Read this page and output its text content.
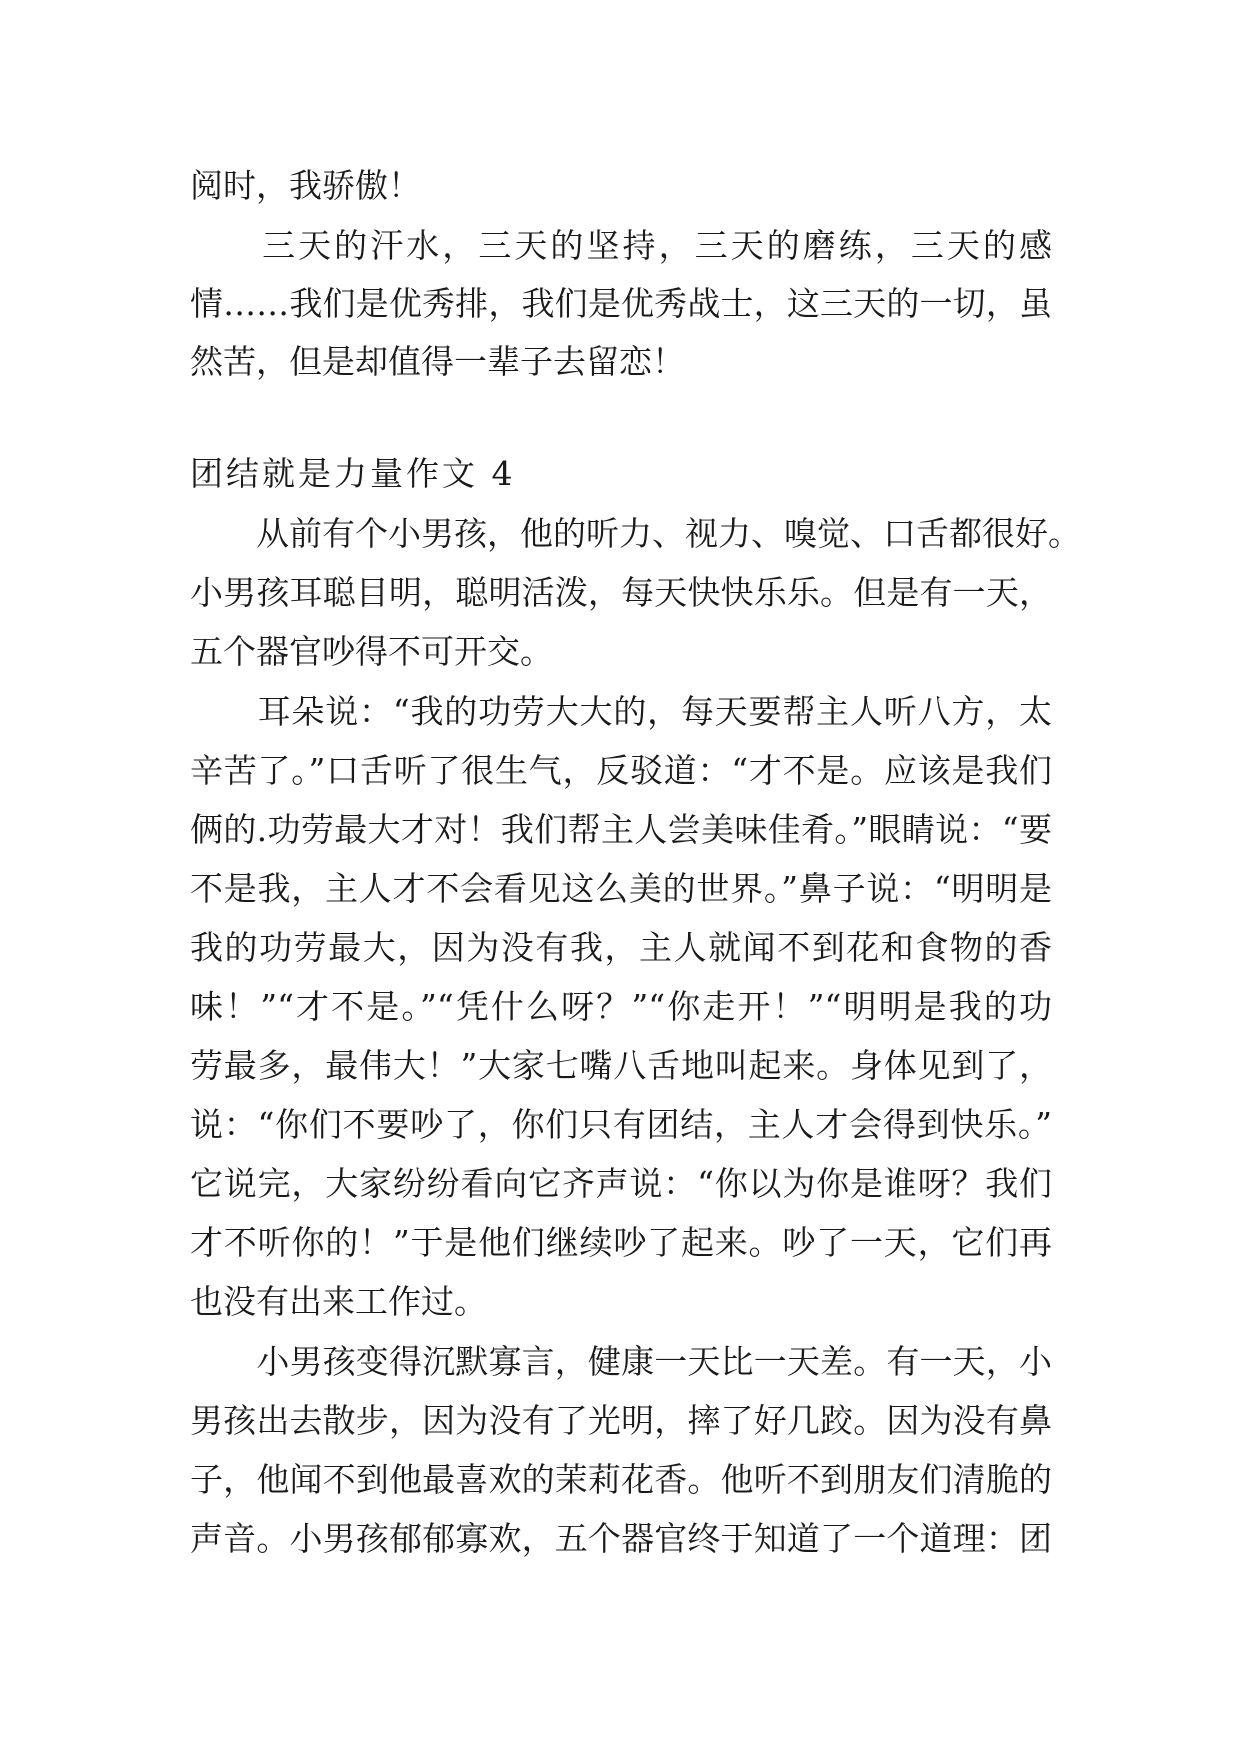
阅时，我骄傲！
　　三天的汗水，三天的坚持，三天的磨练，三天的感
情……我们是优秀排，我们是优秀战士，这三天的一切，虽
然苦，但是却值得一辈子去留恋！
团结就是力量作文 4
　　从前有个小男孩，他的听力、视力、嗅觉、口舌都很好。
小男孩耳聪目明，聪明活泼，每天快快乐乐。但是有一天，
五个器官吵得不可开交。
　　耳朵说：“我的功劳大大的，每天要帮主人听八方，太
辛苦了。”口舌听了很生气，反驳道：“才不是。应该是我们
俩的.功劳最大才对！我们帮主人尝美味佳肴。”眼睛说：“要
不是我，主人才不会看见这么美的世界。”鼻子说：“明明是
我的功劳最大，因为没有我，主人就闻不到花和食物的香
味！”“才不是。”“凭什么呀？”“你走开！”“明明是我的功
劳最多，最伟大！”大家七嘴八舌地叫起来。身体见到了，
说：“你们不要吵了，你们只有团结，主人才会得到快乐。”
它说完，大家纷纷看向它齐声说：“你以为你是谁呀？我们
才不听你的！”于是他们继续吵了起来。吵了一天，它们再
也没有出来工作过。
　　小男孩变得沉默寡言，健康一天比一天差。有一天，小
男孩出去散步，因为没有了光明，摔了好几跤。因为没有鼻
子，他闻不到他最喜欢的茉莉花香。他听不到朋友们清脆的
声音。小男孩郁郁寡欢，五个器官终于知道了一个道理：团
